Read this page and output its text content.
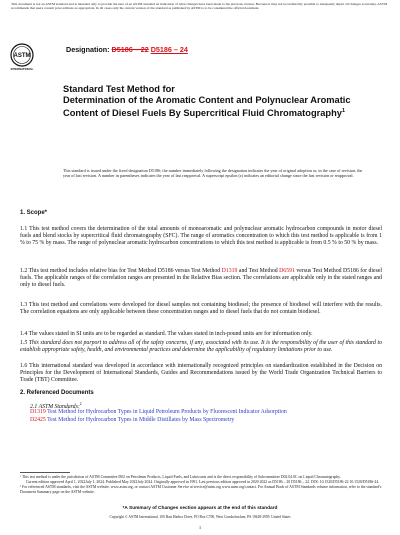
This document is not an ASTM standard and is intended only to provide the user of an ASTM standard an indication of what changes have been made to the previous version. Because it may not be technically possible to adequately depict all changes accurately, ASTM recommends that users consult prior editions as appropriate. In all cases only the current version of the standard as published by ASTM is to be considered the official document.
ASTM
INTERNATIONAL
Designation: D5186 – 22 D5186 – 24
Standard Test Method for
Determination of the Aromatic Content and Polynuclear Aromatic Content of Diesel Fuels By Supercritical Fluid Chromatography$^1$
This standard is issued under the fixed designation D5186; the number immediately following the designation indicates the year of original adoption or, in the case of revision, the year of last revision. A number in parentheses indicates the year of last reapproval. A superscript epsilon (ε) indicates an editorial change since the last revision or reapproval.
1. Scope*
1.1 This test method covers the determination of the total amounts of monoaromatic and polynuclear aromatic hydrocarbon compounds in motor diesel fuels and blend stocks by supercritical fluid chromatography (SFC). The range of aromatics concentration to which this test method is applicable is from 1 % to 75 % by mass. The range of polynuclear aromatic hydrocarbon concentrations to which this test method is applicable is from 0.5 % to 50 % by mass.
1.2 This test method includes relative bias for Test Method D5186 versus Test Method D1319 and Test Method D6591 versus Test Method D5186 for diesel fuels. The applicable ranges of the correlation ranges are presented in the Relative Bias section. The correlations are applicable only in the stated ranges and only to diesel fuels.
1.3 This test method and correlations were developed for diesel samples not containing biodiesel; the presence of biodiesel will interfere with the results. The correlation equations are only applicable between these concentration ranges and to diesel fuels that do not contain biodiesel.
1.4 The values stated in SI units are to be regarded as standard. The values stated in inch-pound units are for information only.
1.5 This standard does not purport to address all of the safety concerns, if any, associated with its use. It is the responsibility of the user of this standard to establish appropriate safety, health, and environmental practices and determine the applicability of regulatory limitations prior to use.
1.6 This international standard was developed in accordance with internationally recognized principles on standardization established in the Decision on Principles for the Development of International Standards, Guides and Recommendations issued by the World Trade Organization Technical Barriers to Trade (TBT) Committee.
2. Referenced Documents
2.1 ASTM Standards:$^2$
D1319 Test Method for Hydrocarbon Types in Liquid Petroleum Products by Fluorescent Indicator Adsorption
D2425 Test Method for Hydrocarbon Types in Middle Distillates by Mass Spectrometry
¹ This test method is under the jurisdiction of ASTM Committee D02 on Petroleum Products, Liquid Fuels, and Lubricants and is the direct responsibility of Subcommittee D02.04.0C on Liquid Chromatography.
Current edition approved April 1, 2022July 1, 2024. Published May 2022July 2024. Originally approved in 1991. Last previous edition approved in 2020 2022 as D5186 – 20 D5186 – 22. DOI: 10.1520/D5186-22 10.1520/D5186-24.
² For referenced ASTM standards, visit the ASTM website, www.astm.org, or contact ASTM Customer Service at service@astm.org www.astm.org/contact. For Annual Book of ASTM Standards volume information, refer to the standard's Document Summary page on the ASTM website.
*A Summary of Changes section appears at the end of this standard
Copyright © ASTM International, 100 Barr Harbor Drive, PO Box C700, West Conshohocken, PA 19428-2959. United States
1
